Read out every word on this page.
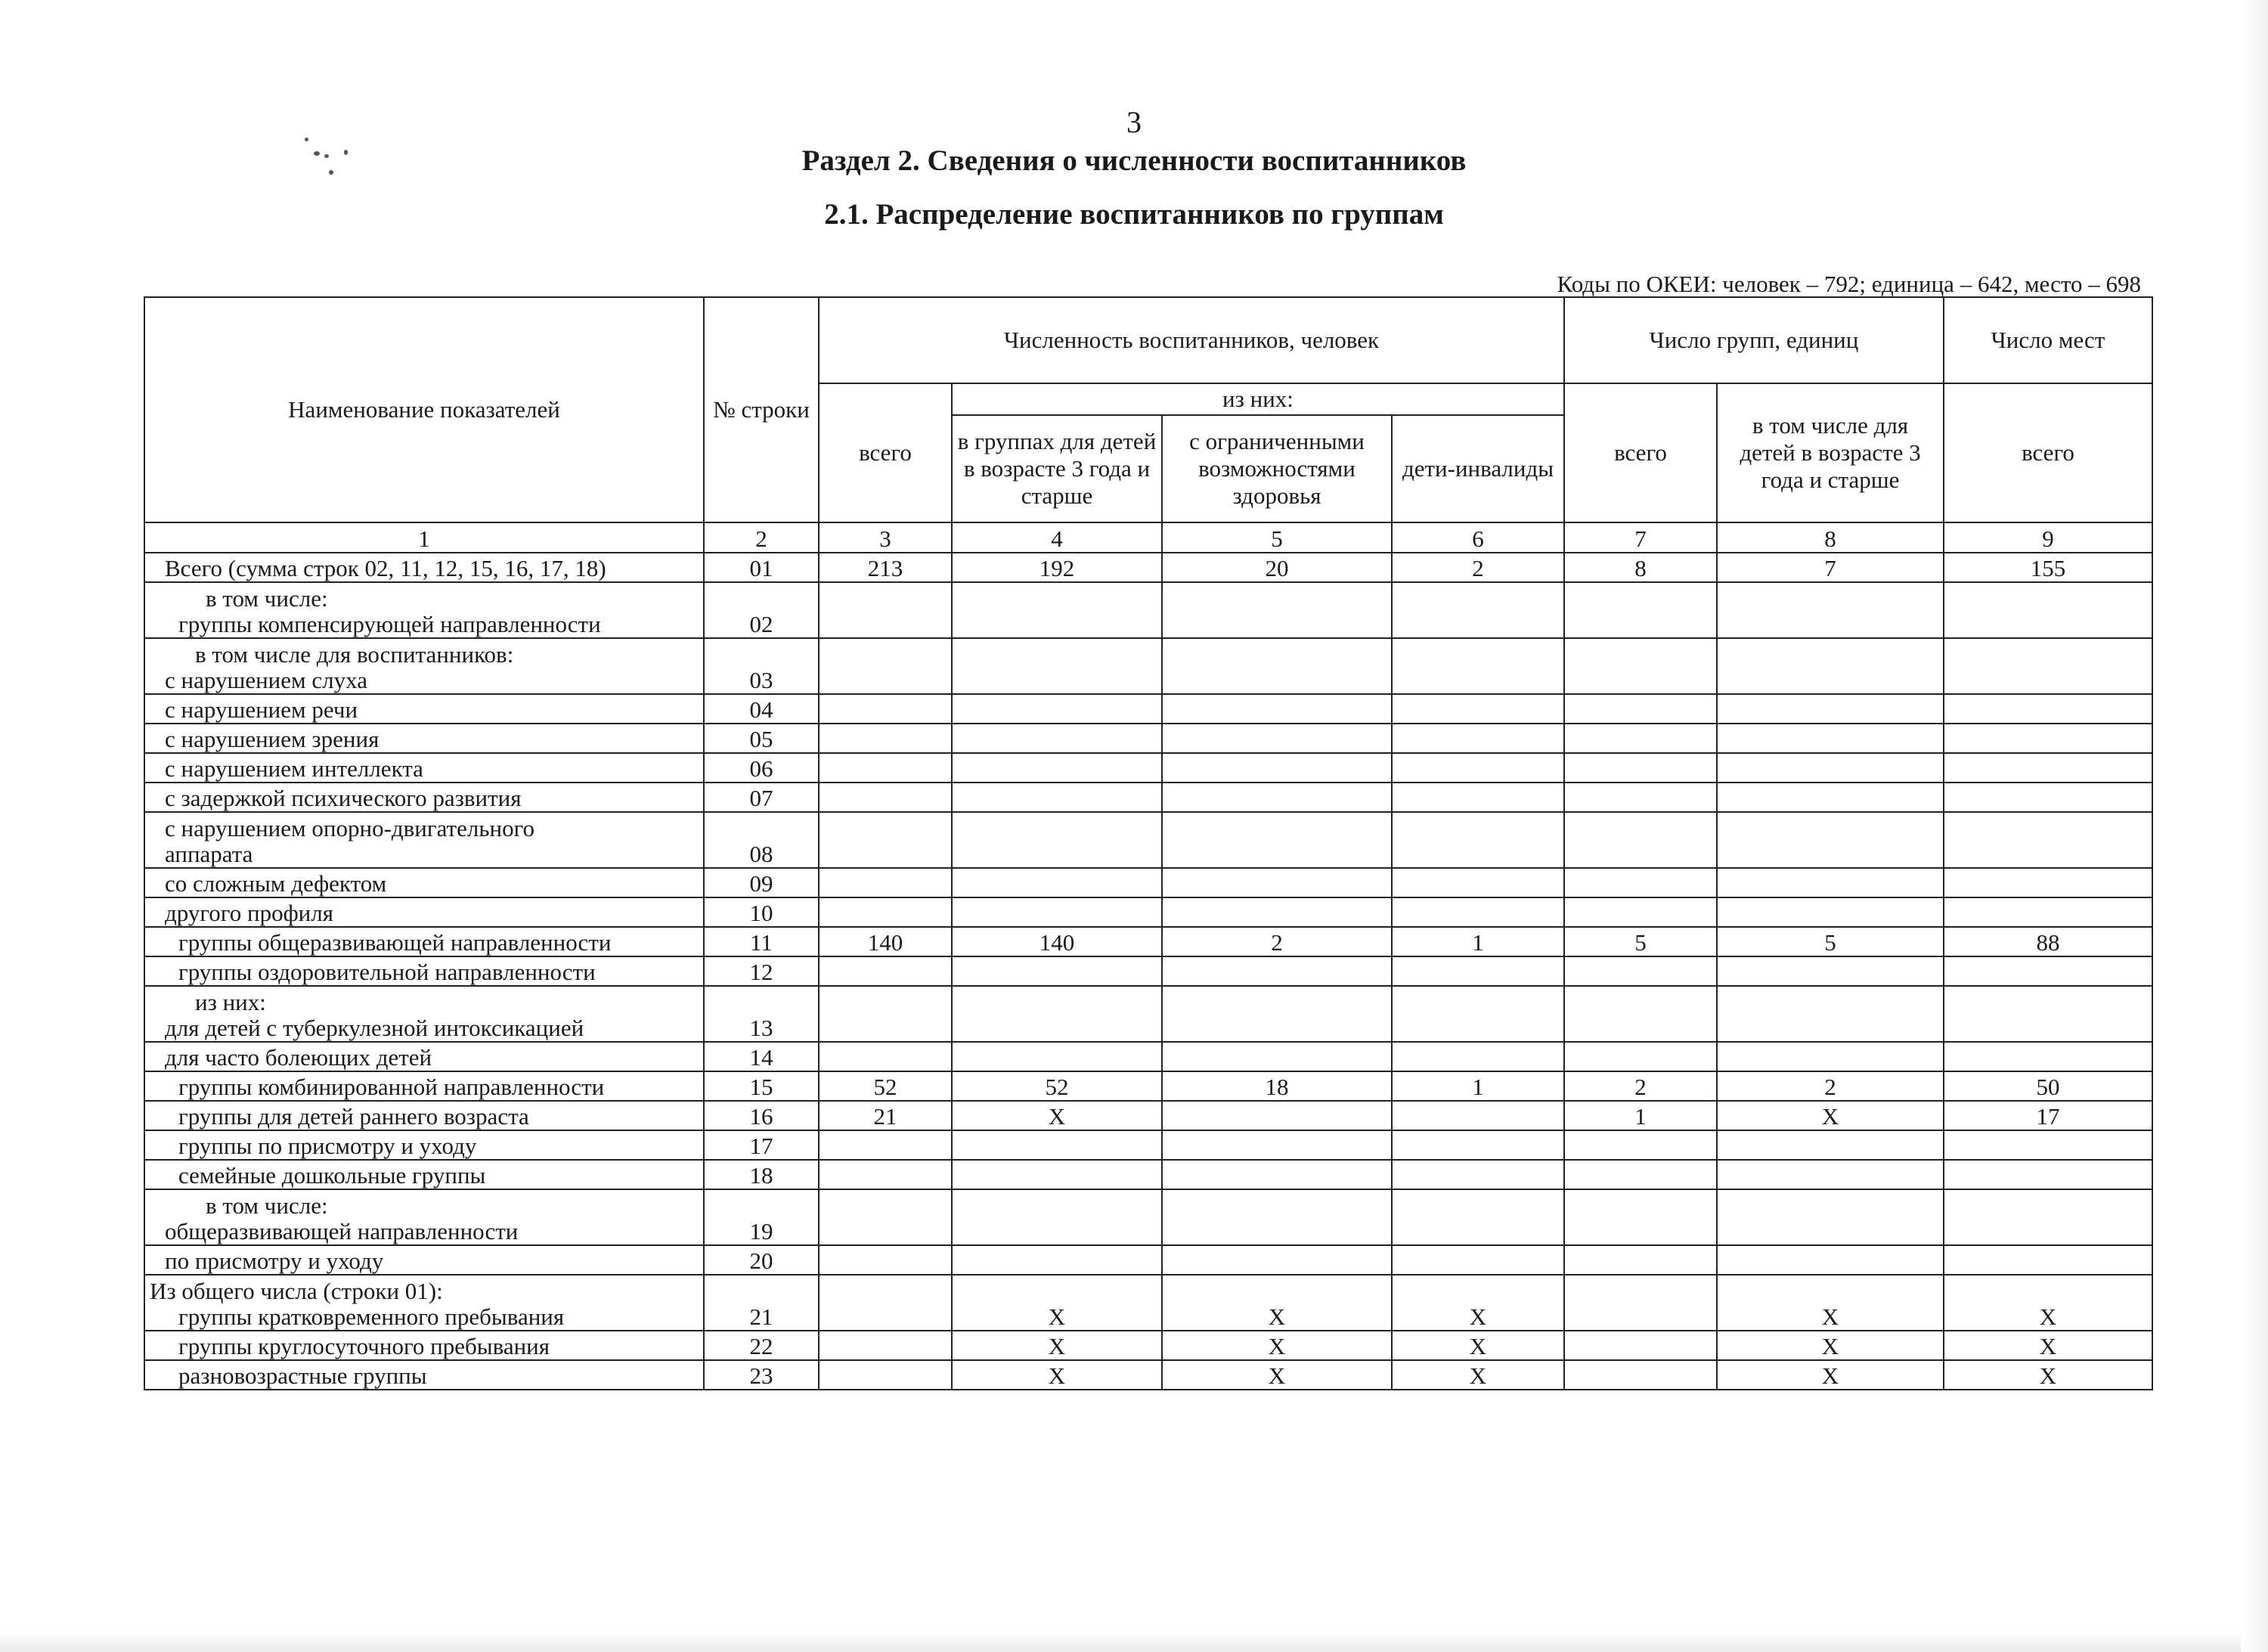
3
Раздел 2. Сведения о численности воспитанников
2.1. Распределение воспитанников по группам
Коды по ОКЕИ: человек – 792; единица – 642, место – 698
Наименование показателей	№ строки	Численность воспитанников, человек				Число групп, единиц		Число мест
		всего	из них:			всего	в том числе для детей в возрасте 3 года и старше	всего
			в группах для детей в возрасте 3 года и старше	с ограниченными возможностями здоровья	дети-инвалиды			
1	2	3	4	5	6	7	8	9

Всего (сумма строк 02, 11, 12, 15, 16, 17, 18)	01	213	192	20	2	8	7	155

в том числе:
группы компенсирующей направленности	02							

в том числе для воспитанников:
с нарушением слуха	03							

с нарушением речи	04							

с нарушением зрения	05							

с нарушением интеллекта	06							

с задержкой психического развития	07							

с нарушением опорно-двигательного
аппарата	08							

со сложным дефектом	09							

другого профиля	10							

группы общеразвивающей направленности	11	140	140	2	1	5	5	88

группы оздоровительной направленности	12							

из них:
для детей с туберкулезной интоксикацией	13							

для часто болеющих детей	14							

группы комбинированной направленности	15	52	52	18	1	2	2	50

группы для детей раннего возраста	16	21	X			1	X	17

группы по присмотру и уходу	17							

семейные дошкольные группы	18							

в том числе:
общеразвивающей направленности	19							

по присмотру и уходу	20							

Из общего числа (строки 01):
группы кратковременного пребывания	21		X	X	X		X	X

группы круглосуточного пребывания	22		X	X	X		X	X

разновозрастные группы	23		X	X	X		X	X
